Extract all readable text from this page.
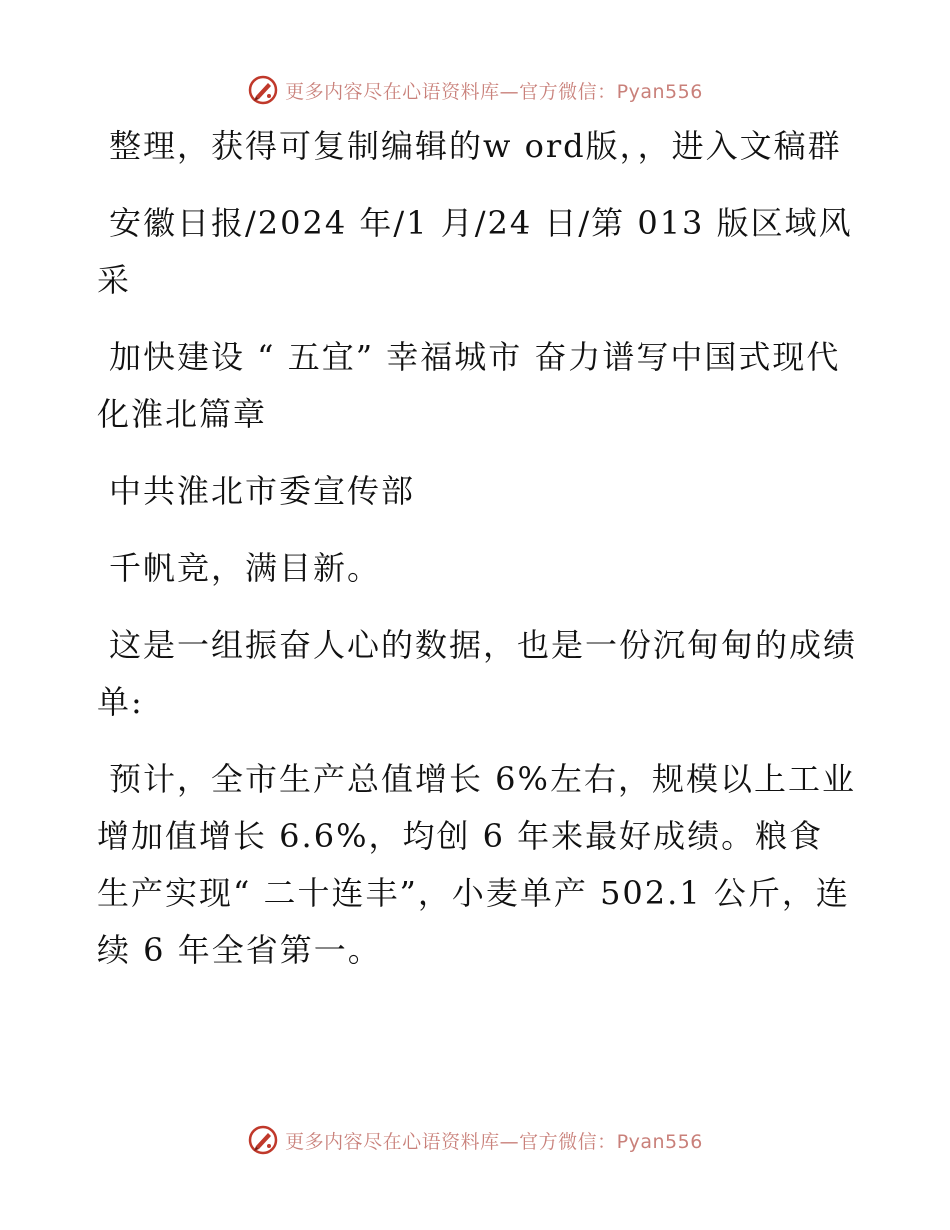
更多内容尽在心语资料库—官方微信：Pyan556

整理，获得可复制编辑的w ord版，，进入文稿群

安徽日报/2024 年/1 月/24 日/第 013 版区域风采

加快建设 “ 五宜” 幸福城市 奋力谱写中国式现代化淮北篇章

中共淮北市委宣传部

千帆竞，满目新。

这是一组振奋人心的数据，也是一份沉甸甸的成绩单:

预计，全市生产总值增长 6%左右，规模以上工业增加值增长 6.6%，均创 6 年来最好成绩。粮食生产实现“ 二十连丰”，小麦单产 502.1 公斤，连续 6 年全省第一。

更多内容尽在心语资料库—官方微信：Pyan556
